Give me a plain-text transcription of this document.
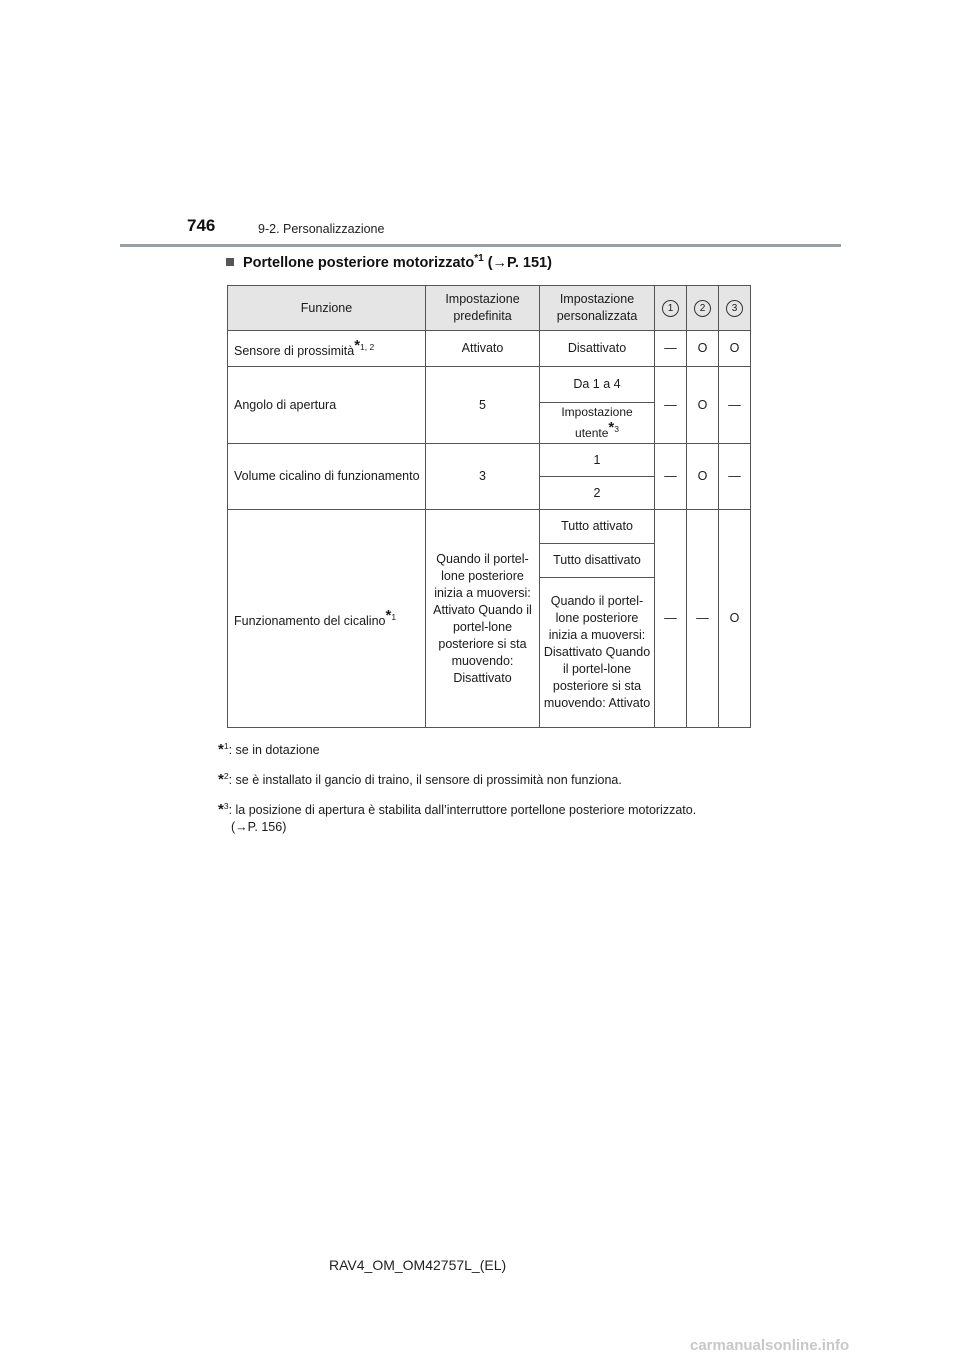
746	9-2. Personalizzazione
Portellone posteriore motorizzato$^{*1}$ (→P. 151)
Funzione	Impostazione predefinita	Impostazione personalizzata	1	2	3
Sensore di prossimità$^{*1, 2}$	Attivato	Disattivato	—	O	O
Angolo di apertura	5	Da 1 a 4	—	O	—
		Impostazione utente$^{*3}$
Volume cicalino di funzionamento	3	1	—	O	—
		2			
Funzionamento del cicalino$^{*1}$	Quando il portel-lone posteriore inizia a muoversi: Attivato Quando il portel-lone posteriore si sta muovendo: Disattivato	Tutto attivato	—	—	O
		Tutto disattivato			
		Quando il portel-lone posteriore inizia a muoversi: Disattivato Quando il portel-lone posteriore si sta muovendo: Attivato			
*$^1$: se in dotazione
*$^2$: se è installato il gancio di traino, il sensore di prossimità non funziona.
*$^3$: la posizione di apertura è stabilita dall’interruttore portellone posteriore motorizzato.
(→P. 156)
RAV4_OM_OM42757L_(EL)
carmanualsonline.info
